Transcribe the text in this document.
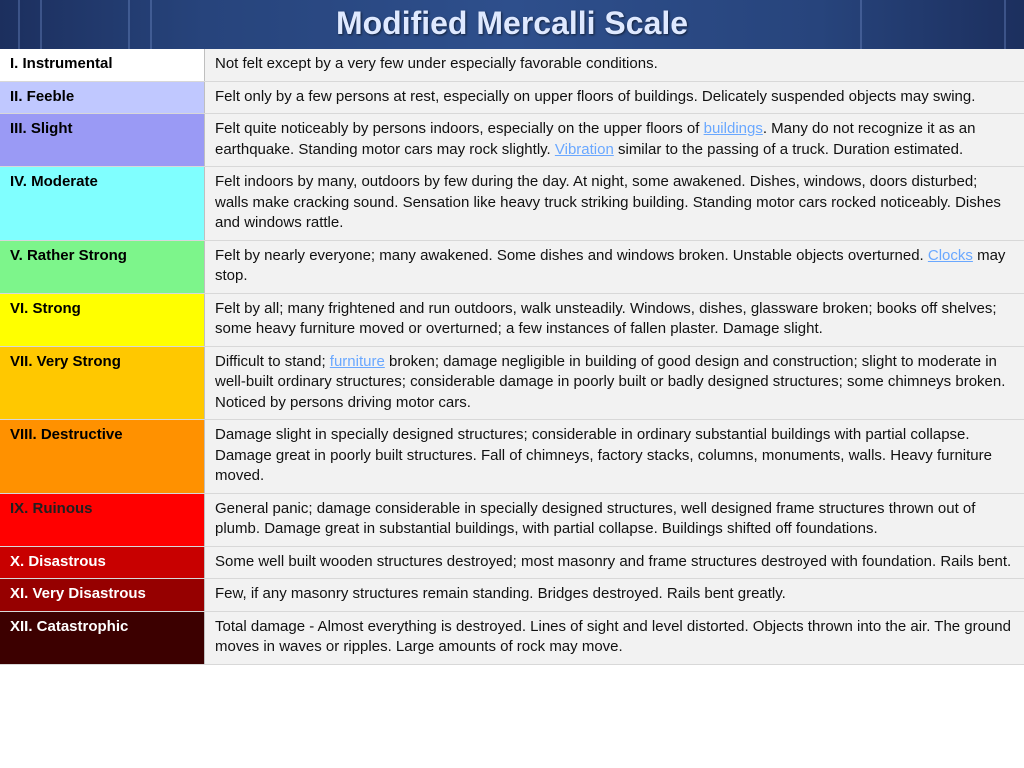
Modified Mercalli Scale
I. Instrumental	Not felt except by a very few under especially favorable conditions.
II. Feeble	Felt only by a few persons at rest, especially on upper floors of buildings. Delicately suspended objects may swing.
III. Slight	Felt quite noticeably by persons indoors, especially on the upper floors of buildings. Many do not recognize it as an earthquake. Standing motor cars may rock slightly. Vibration similar to the passing of a truck. Duration estimated.
IV. Moderate	Felt indoors by many, outdoors by few during the day. At night, some awakened. Dishes, windows, doors disturbed; walls make cracking sound. Sensation like heavy truck striking building. Standing motor cars rocked noticeably. Dishes and windows rattle.
V. Rather Strong	Felt by nearly everyone; many awakened. Some dishes and windows broken. Unstable objects overturned. Clocks may stop.
VI. Strong	Felt by all; many frightened and run outdoors, walk unsteadily. Windows, dishes, glassware broken; books off shelves; some heavy furniture moved or overturned; a few instances of fallen plaster. Damage slight.
VII. Very Strong	Difficult to stand; furniture broken; damage negligible in building of good design and construction; slight to moderate in well-built ordinary structures; considerable damage in poorly built or badly designed structures; some chimneys broken. Noticed by persons driving motor cars.
VIII. Destructive	Damage slight in specially designed structures; considerable in ordinary substantial buildings with partial collapse. Damage great in poorly built structures. Fall of chimneys, factory stacks, columns, monuments, walls. Heavy furniture moved.
IX. Ruinous	General panic; damage considerable in specially designed structures, well designed frame structures thrown out of plumb. Damage great in substantial buildings, with partial collapse. Buildings shifted off foundations.
X. Disastrous	Some well built wooden structures destroyed; most masonry and frame structures destroyed with foundation. Rails bent.
XI. Very Disastrous	Few, if any masonry structures remain standing. Bridges destroyed. Rails bent greatly.
XII. Catastrophic	Total damage - Almost everything is destroyed. Lines of sight and level distorted. Objects thrown into the air. The ground moves in waves or ripples. Large amounts of rock may move.
